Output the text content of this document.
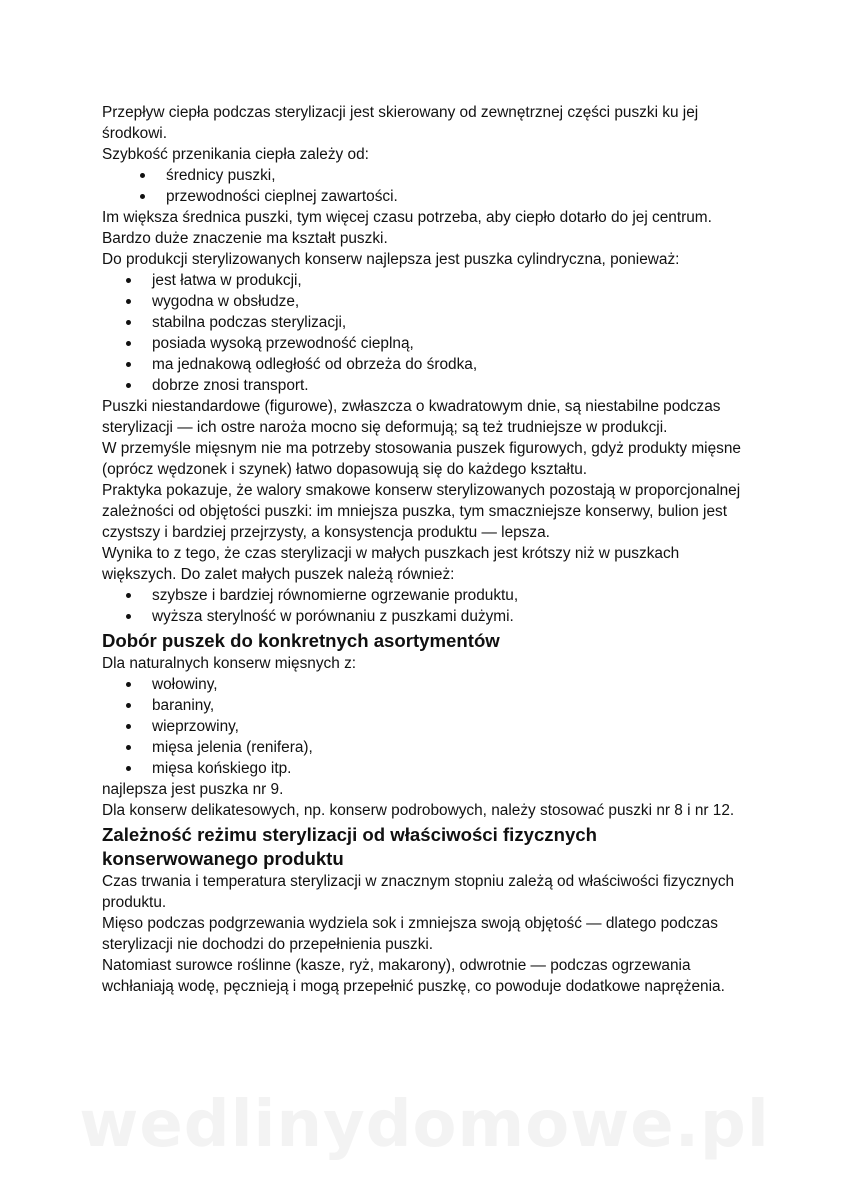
Przepływ ciepła podczas sterylizacji jest skierowany od zewnętrznej części puszki ku jej środkowi.

Szybkość przenikania ciepła zależy od:

średnicy puszki,
przewodności cieplnej zawartości.

Im większa średnica puszki, tym więcej czasu potrzeba, aby ciepło dotarło do jej centrum.

Bardzo duże znaczenie ma kształt puszki.

Do produkcji sterylizowanych konserw najlepsza jest puszka cylindryczna, ponieważ:

jest łatwa w produkcji,
wygodna w obsłudze,
stabilna podczas sterylizacji,
posiada wysoką przewodność cieplną,
ma jednakową odległość od obrzeża do środka,
dobrze znosi transport.

Puszki niestandardowe (figurowe), zwłaszcza o kwadratowym dnie, są niestabilne podczas sterylizacji — ich ostre naroża mocno się deformują; są też trudniejsze w produkcji.

W przemyśle mięsnym nie ma potrzeby stosowania puszek figurowych, gdyż produkty mięsne (oprócz wędzonek i szynek) łatwo dopasowują się do każdego kształtu.

Praktyka pokazuje, że walory smakowe konserw sterylizowanych pozostają w proporcjonalnej zależności od objętości puszki: im mniejsza puszka, tym smaczniejsze konserwy, bulion jest czystszy i bardziej przejrzysty, a konsystencja produktu — lepsza.

Wynika to z tego, że czas sterylizacji w małych puszkach jest krótszy niż w puszkach większych. Do zalet małych puszek należą również:

szybsze i bardziej równomierne ogrzewanie produktu,
wyższa sterylność w porównaniu z puszkami dużymi.
Dobór puszek do konkretnych asortymentów

Dla naturalnych konserw mięsnych z:

wołowiny,
baraniny,
wieprzowiny,
mięsa jelenia (renifera),
mięsa końskiego itp.

najlepsza jest puszka nr 9.

Dla konserw delikatesowych, np. konserw podrobowych, należy stosować puszki nr 8 i nr 12.

Zależność reżimu sterylizacji od właściwości fizycznych konserwowanego produktu

Czas trwania i temperatura sterylizacji w znacznym stopniu zależą od właściwości fizycznych produktu.

Mięso podczas podgrzewania wydziela sok i zmniejsza swoją objętość — dlatego podczas sterylizacji nie dochodzi do przepełnienia puszki.

Natomiast surowce roślinne (kasze, ryż, makarony), odwrotnie — podczas ogrzewania wchłaniają wodę, pęcznieją i mogą przepełnić puszkę, co powoduje dodatkowe naprężenia.

wedlinydomowe.pl
